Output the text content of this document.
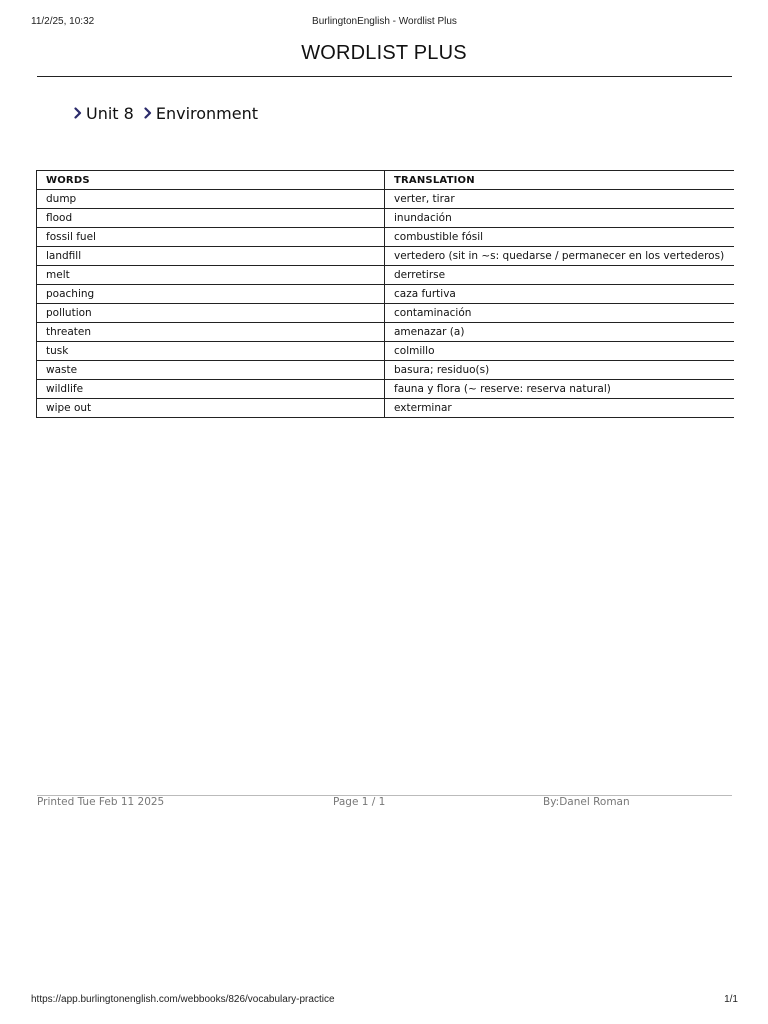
11/2/25, 10:32	BurlingtonEnglish - Wordlist Plus
WORDLIST PLUS
Unit 8 Environment
WORDS	TRANSLATION
dump	verter, tirar
flood	inundación
fossil fuel	combustible fósil
landfill	vertedero (sit in ~s: quedarse / permanecer en los vertederos)
melt	derretirse
poaching	caza furtiva
pollution	contaminación
threaten	amenazar (a)
tusk	colmillo
waste	basura; residuo(s)
wildlife	fauna y flora (~ reserve: reserva natural)
wipe out	exterminar
Printed Tue Feb 11 2025	Page 1 / 1	By:Danel Roman
https://app.burlingtonenglish.com/webbooks/826/vocabulary-practice	1/1
